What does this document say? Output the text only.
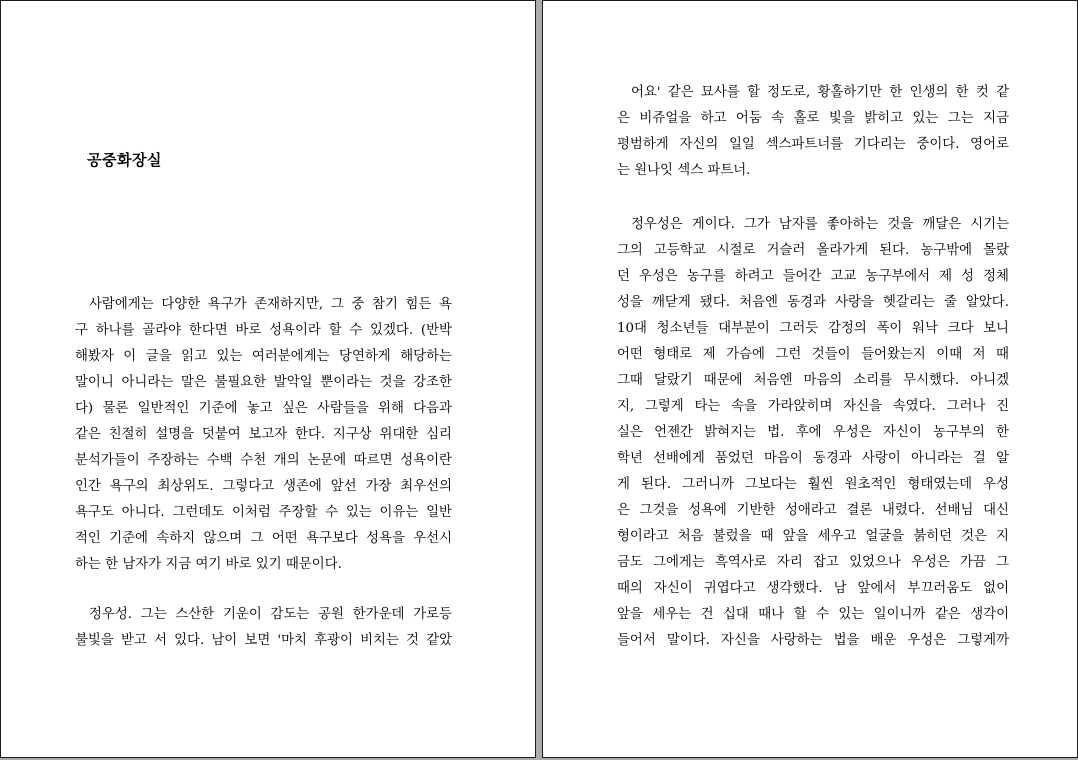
공중화장실
사람에게는 다양한 욕구가 존재하지만, 그 중 참기 힘든 욕
구 하나를 골라야 한다면 바로 성욕이라 할 수 있겠다. (반박
해봤자 이 글을 읽고 있는 여러분에게는 당연하게 해당하는
말이니 아니라는 말은 불필요한 발악일 뿐이라는 것을 강조한
다) 물론 일반적인 기준에 놓고 싶은 사람들을 위해 다음과
같은 친절히 설명을 덧붙여 보고자 한다. 지구상 위대한 심리
분석가들이 주장하는 수백 수천 개의 논문에 따르면 성욕이란
인간 욕구의 최상위도. 그렇다고 생존에 앞선 가장 최우선의
욕구도 아니다. 그런데도 이처럼 주장할 수 있는 이유는 일반
적인 기준에 속하지 않으며 그 어떤 욕구보다 성욕을 우선시
하는 한 남자가 지금 여기 바로 있기 때문이다.
정우성. 그는 스산한 기운이 감도는 공원 한가운데 가로등
불빛을 받고 서 있다. 남이 보면 '마치 후광이 비치는 것 같았
어요' 같은 묘사를 할 정도로, 황홀하기만 한 인생의 한 컷 같
은 비쥬얼을 하고 어둠 속 홀로 빛을 밝히고 있는 그는 지금
평범하게 자신의 일일 섹스파트너를 기다리는 중이다. 영어로
는 원나잇 섹스 파트너.
정우성은 게이다. 그가 남자를 좋아하는 것을 깨달은 시기는
그의 고등학교 시절로 거슬러 올라가게 된다. 농구밖에 몰랐
던 우성은 농구를 하려고 들어간 고교 농구부에서 제 성 정체
성을 깨닫게 됐다. 처음엔 동경과 사랑을 헷갈리는 줄 알았다.
10대 청소년들 대부분이 그러듯 감정의 폭이 워낙 크다 보니
어떤 형태로 제 가슴에 그런 것들이 들어왔는지 이때 저 때
그때 달랐기 때문에 처음엔 마음의 소리를 무시했다. 아니겠
지, 그렇게 타는 속을 가라앉히며 자신을 속였다. 그러나 진
실은 언젠간 밝혀지는 법. 후에 우성은 자신이 농구부의 한
학년 선배에게 품었던 마음이 동경과 사랑이 아니라는 걸 알
게 된다. 그러니까 그보다는 훨씬 원초적인 형태였는데 우성
은 그것을 성욕에 기반한 성애라고 결론 내렸다. 선배님 대신
형이라고 처음 불렀을 때 앞을 세우고 얼굴을 붉히던 것은 지
금도 그에게는 흑역사로 자리 잡고 있었으나 우성은 가끔 그
때의 자신이 귀엽다고 생각했다. 남 앞에서 부끄러움도 없이
앞을 세우는 건 십대 때나 할 수 있는 일이니까 같은 생각이
들어서 말이다. 자신을 사랑하는 법을 배운 우성은 그렇게까
